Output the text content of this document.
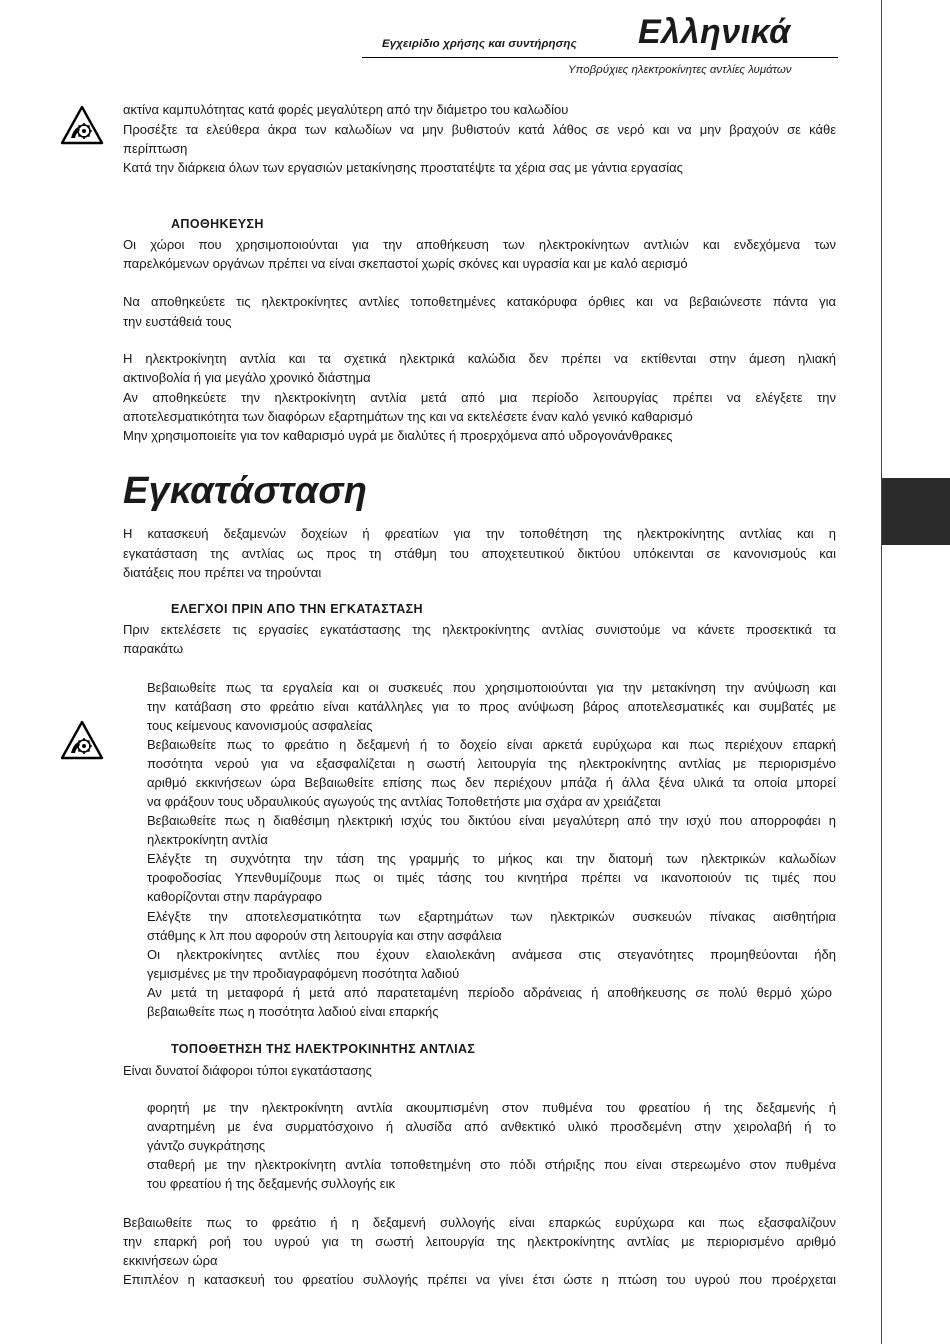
Εγχειρίδιο χρήσης και συντήρησης Ελληνικά
Υποβρύχιες ηλεκτροκίνητες αντλίες λυμάτων

ακτίνα καμπυλότητας κατά φορές μεγαλύτερη από την διάμετρο του καλωδίου

Προσέξτε τα ελεύθερα άκρα των καλωδίων να μην βυθιστούν κατά λάθος σε νερό και να μην βραχούν σε κάθε

περίπτωση

Κατά την διάρκεια όλων των εργασιών μετακίνησης προστατέψτε τα χέρια σας με γάντια εργασίας

ΑΠΟΘΗΚΕΥΣΗ

Οι χώροι που χρησιμοποιούνται για την αποθήκευση των ηλεκτροκίνητων αντλιών και ενδεχόμενα των

παρελκόμενων οργάνων πρέπει να είναι σκεπαστοί χωρίς σκόνες και υγρασία και με καλό αερισμό

Να αποθηκεύετε τις ηλεκτροκίνητες αντλίες τοποθετημένες κατακόρυφα όρθιες και να βεβαιώνεστε πάντα για

την ευστάθειά τους

Η ηλεκτροκίνητη αντλία και τα σχετικά ηλεκτρικά καλώδια δεν πρέπει να εκτίθενται στην άμεση ηλιακή

ακτινοβολία ή για μεγάλο χρονικό διάστημα

Αν αποθηκεύετε την ηλεκτροκίνητη αντλία μετά από μια περίοδο λειτουργίας πρέπει να ελέγξετε την

αποτελεσματικότητα των διαφόρων εξαρτημάτων της και να εκτελέσετε έναν καλό γενικό καθαρισμό

Μην χρησιμοποιείτε για τον καθαρισμό υγρά με διαλύτες ή προερχόμενα από υδρογονάνθρακες

Εγκατάσταση

Η κατασκευή δεξαμενών δοχείων ή φρεατίων για την τοποθέτηση της ηλεκτροκίνητης αντλίας και η

εγκατάσταση της αντλίας ως προς τη στάθμη του αποχετευτικού δικτύου υπόκεινται σε κανονισμούς και

διατάξεις που πρέπει να τηρούνται

ΕΛΕΓΧΟΙ ΠΡΙΝ ΑΠΟ ΤΗΝ ΕΓΚΑΤΑΣΤΑΣΗ

Πριν εκτελέσετε τις εργασίες εγκατάστασης της ηλεκτροκίνητης αντλίας συνιστούμε να κάνετε προσεκτικά τα

παρακάτω

Βεβαιωθείτε πως τα εργαλεία και οι συσκευές που χρησιμοποιούνται για την μετακίνηση την ανύψωση και

την κατάβαση στο φρεάτιο είναι κατάλληλες για το προς ανύψωση βάρος αποτελεσματικές και συμβατές με

τους κείμενους κανονισμούς ασφαλείας

Βεβαιωθείτε πως το φρεάτιο η δεξαμενή ή το δοχείο είναι αρκετά ευρύχωρα και πως περιέχουν επαρκή

ποσότητα νερού για να εξασφαλίζεται η σωστή λειτουργία της ηλεκτροκίνητης αντλίας με περιορισμένο

αριθμό εκκινήσεων ώρα Βεβαιωθείτε επίσης πως δεν περιέχουν μπάζα ή άλλα ξένα υλικά τα οποία μπορεί

να φράξουν τους υδραυλικούς αγωγούς της αντλίας Τοποθετήστε μια σχάρα αν χρειάζεται

Βεβαιωθείτε πως η διαθέσιμη ηλεκτρική ισχύς του δικτύου είναι μεγαλύτερη από την ισχύ που απορροφάει η

ηλεκτροκίνητη αντλία

Ελέγξτε τη συχνότητα την τάση της γραμμής το μήκος και την διατομή των ηλεκτρικών καλωδίων

τροφοδοσίας Υπενθυμίζουμε πως οι τιμές τάσης του κινητήρα πρέπει να ικανοποιούν τις τιμές που

καθορίζονται στην παράγραφο

Ελέγξτε την αποτελεσματικότητα των εξαρτημάτων των ηλεκτρικών συσκευών πίνακας αισθητήρια

στάθμης κ λπ που αφορούν στη λειτουργία και στην ασφάλεια

Οι ηλεκτροκίνητες αντλίες που έχουν ελαιολεκάνη ανάμεσα στις στεγανότητες προμηθεύονται ήδη

γεμισμένες με την προδιαγραφόμενη ποσότητα λαδιού

Αν μετά τη μεταφορά ή μετά από παρατεταμένη περίοδο αδράνειας ή αποθήκευσης σε πολύ θερμό χώρο

βεβαιωθείτε πως η ποσότητα λαδιού είναι επαρκής

ΤΟΠΟΘΕΤΗΣΗ ΤΗΣ ΗΛΕΚΤΡΟΚΙΝΗΤΗΣ ΑΝΤΛΙΑΣ

Είναι δυνατοί διάφοροι τύποι εγκατάστασης

φορητή με την ηλεκτροκίνητη αντλία ακουμπισμένη στον πυθμένα του φρεατίου ή της δεξαμενής ή

αναρτημένη με ένα συρματόσχοινο ή αλυσίδα από ανθεκτικό υλικό προσδεμένη στην χειρολαβή ή το

γάντζο συγκράτησης

σταθερή με την ηλεκτροκίνητη αντλία τοποθετημένη στο πόδι στήριξης που είναι στερεωμένο στον πυθμένα

του φρεατίου ή της δεξαμενής συλλογής εικ

Βεβαιωθείτε πως το φρεάτιο ή η δεξαμενή συλλογής είναι επαρκώς ευρύχωρα και πως εξασφαλίζουν

την επαρκή ροή του υγρού για τη σωστή λειτουργία της ηλεκτροκίνητης αντλίας με περιορισμένο αριθμό

εκκινήσεων ώρα

Επιπλέον η κατασκευή του φρεατίου συλλογής πρέπει να γίνει έτσι ώστε η πτώση του υγρού που προέρχεται
